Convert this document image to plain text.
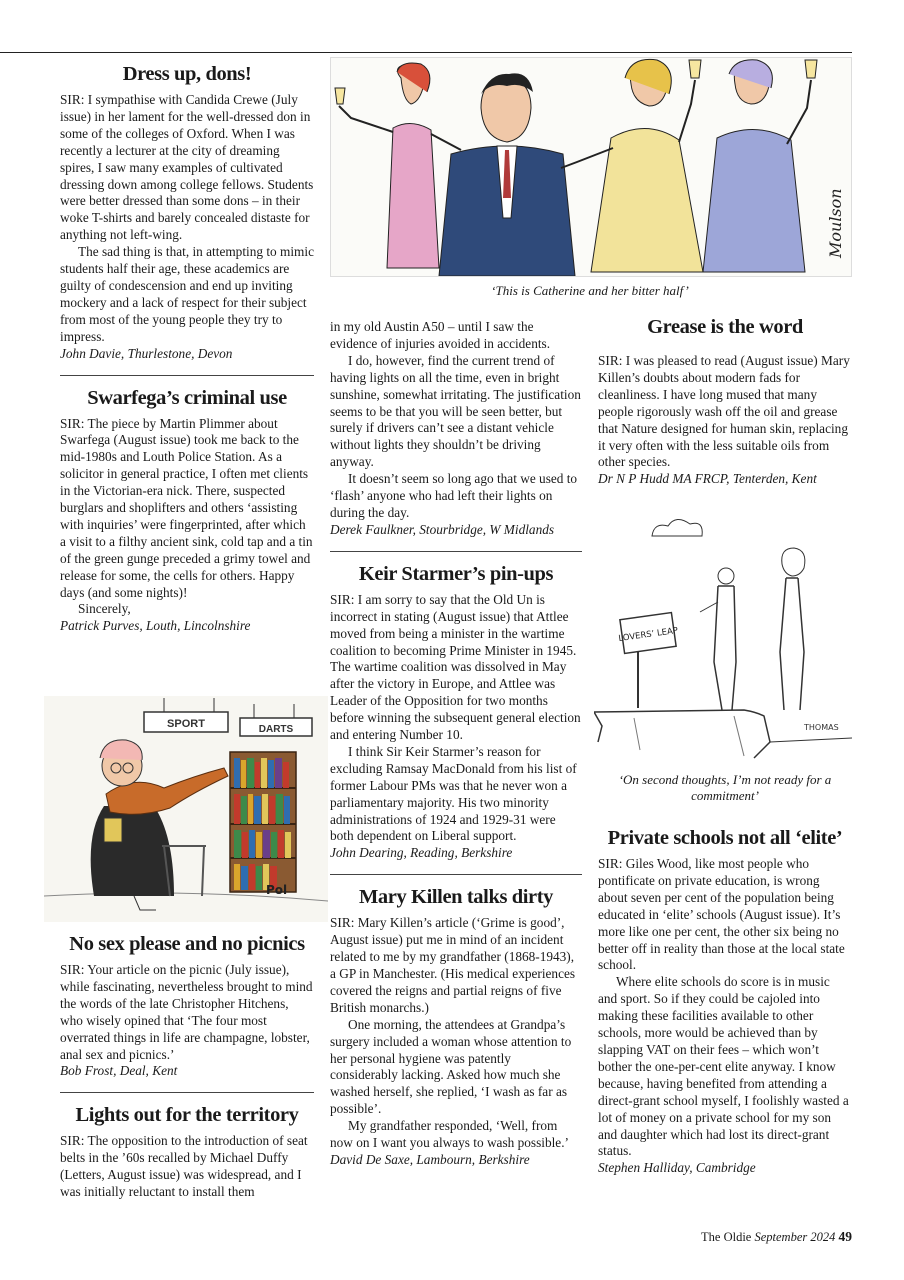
Dress up, dons!

SIR: I sympathise with Candida Crewe (July issue) in her lament for the well-dressed don in some of the colleges of Oxford. When I was recently a lecturer at the city of dreaming spires, I saw many examples of cultivated dressing down among college fellows. Students were better dressed than some dons – in their woke T-shirts and barely concealed distaste for anything not left-wing.

The sad thing is that, in attempting to mimic students half their age, these academics are guilty of condescension and end up inviting mockery and a lack of respect for their subject from most of the young people they try to impress.

John Davie, Thurlestone, Devon

Swarfega’s criminal use

SIR: The piece by Martin Plimmer about Swarfega (August issue) took me back to the mid-1980s and Louth Police Station. As a solicitor in general practice, I often met clients in the Victorian-era nick. There, suspected burglars and shoplifters and others ‘assisting with inquiries’ were fingerprinted, after which a visit to a filthy ancient sink, cold tap and a tin of the green gunge preceded a grimy towel and release for some, the cells for others. Happy days (and some nights)!

Sincerely,

Patrick Purves, Louth, Lincolnshire

SPORT	DARTS
Pol
No sex please and no picnics

SIR: Your article on the picnic (July issue), while fascinating, nevertheless brought to mind the words of the late Christopher Hitchens, who wisely opined that ‘The four most overrated things in life are champagne, lobster, anal sex and picnics.’

Bob Frost, Deal, Kent

Lights out for the territory

SIR: The opposition to the introduction of seat belts in the ’60s recalled by Michael Duffy (Letters, August issue) was widespread, and I was initially reluctant to install them

Moulson
‘This is Catherine and her bitter half’

in my old Austin A50 – until I saw the evidence of injuries avoided in accidents.

I do, however, find the current trend of having lights on all the time, even in bright sunshine, somewhat irritating. The justification seems to be that you will be seen better, but surely if drivers can’t see a distant vehicle without lights they shouldn’t be driving anyway.

It doesn’t seem so long ago that we used to ‘flash’ anyone who had left their lights on during the day.

Derek Faulkner, Stourbridge, W Midlands

Keir Starmer’s pin-ups

SIR: I am sorry to say that the Old Un is incorrect in stating (August issue) that Attlee moved from being a minister in the wartime coalition to becoming Prime Minister in 1945. The wartime coalition was dissolved in May after the victory in Europe, and Attlee was Leader of the Opposition for two months before winning the subsequent general election and entering Number 10.

I think Sir Keir Starmer’s reason for excluding Ramsay MacDonald from his list of former Labour PMs was that he never won a parliamentary majority. His two minority administrations of 1924 and 1929-31 were both dependent on Liberal support.

John Dearing, Reading, Berkshire

Mary Killen talks dirty

SIR: Mary Killen’s article (‘Grime is good’, August issue) put me in mind of an incident related to me by my grandfather (1868-1943), a GP in Manchester. (His medical experiences covered the reigns and partial reigns of five British monarchs.)

One morning, the attendees at Grandpa’s surgery included a woman whose attention to her personal hygiene was patently considerably lacking. Asked how much she washed herself, she replied, ‘I wash as far as possible’.

My grandfather responded, ‘Well, from now on I want you always to wash possible.’

David De Saxe, Lambourn, Berkshire

Grease is the word

SIR: I was pleased to read (August issue) Mary Killen’s doubts about modern fads for cleanliness. I have long mused that many people rigorously wash off the oil and grease that Nature designed for human skin, replacing it very often with the less suitable oils from other species.

Dr N P Hudd MA FRCP, Tenterden, Kent

LOVERS’ LEAP
THOMAS
‘On second thoughts, I’m not ready for a commitment’
Private schools not all ‘elite’

SIR: Giles Wood, like most people who pontificate on private education, is wrong about seven per cent of the population being educated in ‘elite’ schools (August issue). It’s more like one per cent, the other six being no better off in reality than those at the local state school.

Where elite schools do score is in music and sport. So if they could be cajoled into making these facilities available to other schools, more would be achieved than by slapping VAT on their fees – which won’t bother the one-per-cent elite anyway. I know because, having benefited from attending a direct-grant school myself, I foolishly wasted a lot of money on a private school for my son and daughter which had lost its direct-grant status.

Stephen Halliday, Cambridge

The Oldie September 2024 49
